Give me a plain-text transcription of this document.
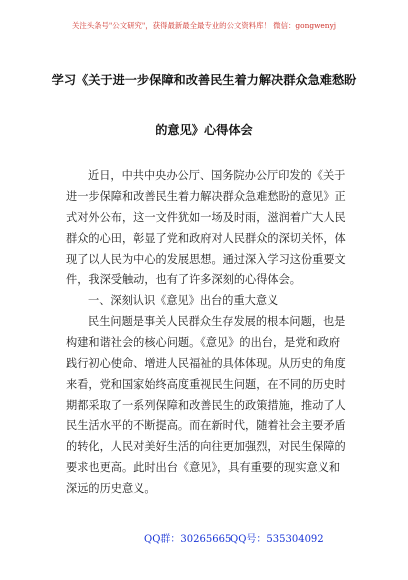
关注头条号"公文研究"，获得最新最全最专业的公文资料库！ 微信：gongwenyj
学习《关于进一步保障和改善民生着力解决群众急难愁盼
的意见》心得体会
近日，中共中央办公厅、国务院办公厅印发的《关于
进一步保障和改善民生着力解决群众急难愁盼的意见》正
式对外公布，这一文件犹如一场及时雨，滋润着广大人民
群众的心田，彰显了党和政府对人民群众的深切关怀，体
现了以人民为中心的发展思想。通过深入学习这份重要文
件，我深受触动，也有了许多深刻的心得体会。
一、深刻认识《意见》出台的重大意义
民生问题是事关人民群众生存发展的根本问题，也是
构建和谐社会的核心问题。《意见》的出台，是党和政府
践行初心使命、增进人民福祉的具体体现。从历史的角度
来看，党和国家始终高度重视民生问题，在不同的历史时
期都采取了一系列保障和改善民生的政策措施，推动了人
民生活水平的不断提高。而在新时代，随着社会主要矛盾
的转化，人民对美好生活的向往更加强烈，对民生保障的
要求也更高。此时出台《意见》，具有重要的现实意义和
深远的历史意义。
QQ群：30265665
QQ号：535304092
